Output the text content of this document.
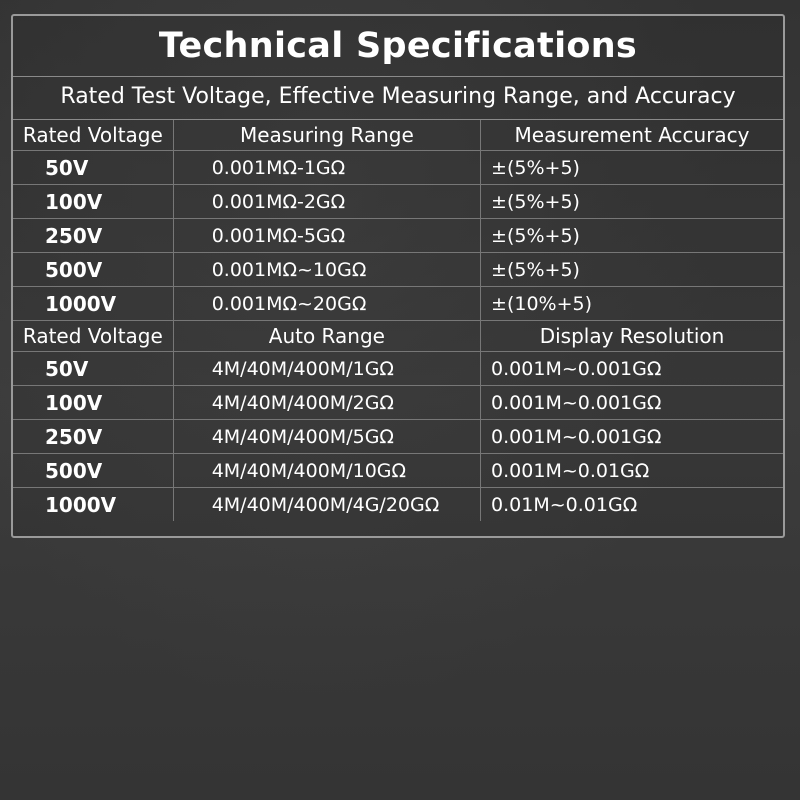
Technical Specifications
Rated Test Voltage, Effective Measuring Range, and Accuracy
Rated Voltage	Measuring Range	Measurement Accuracy
50V	0.001MΩ-1GΩ	±(5%+5)
100V	0.001MΩ-2GΩ	±(5%+5)
250V	0.001MΩ-5GΩ	±(5%+5)
500V	0.001MΩ~10GΩ	±(5%+5)
1000V	0.001MΩ~20GΩ	±(10%+5)
Rated Voltage	Auto Range	Display Resolution
50V	4M/40M/400M/1GΩ	0.001M~0.001GΩ
100V	4M/40M/400M/2GΩ	0.001M~0.001GΩ
250V	4M/40M/400M/5GΩ	0.001M~0.001GΩ
500V	4M/40M/400M/10GΩ	0.001M~0.01GΩ
1000V	4M/40M/400M/4G/20GΩ	0.01M~0.01GΩ
